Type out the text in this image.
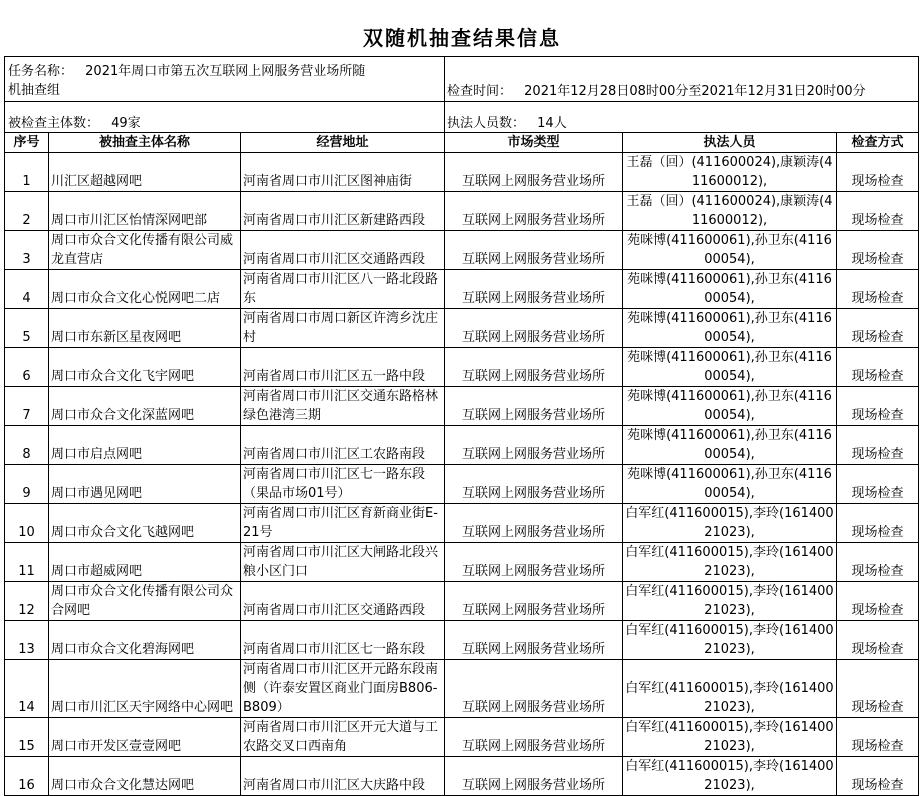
双随机抽查结果信息
任务名称： 2021年周口市第五次互联网上网服务营业场所随
机抽查组	检查时间： 2021年12月28日08时00分至2021年12月31日20时00分
被检查主体数： 49家	执法人员数： 14人
序号	被抽查主体名称	经营地址	市场类型	执法人员	检查方式
1	川汇区超越网吧	河南省周口市川汇区图神庙街	互联网上网服务营业场所	王磊（回）(411600024),康颖涛(411600012),	现场检查
2	周口市川汇区怡情深网吧部	河南省周口市川汇区新建路西段	互联网上网服务营业场所	王磊（回）(411600024),康颖涛(411600012),	现场检查
3	周口市众合文化传播有限公司威龙直营店	河南省周口市川汇区交通路西段	互联网上网服务营业场所	苑咪博(411600061),孙卫东(411600054),	现场检查
4	周口市众合文化心悦网吧二店	河南省周口市川汇区八一路北段路东	互联网上网服务营业场所	苑咪博(411600061),孙卫东(411600054),	现场检查
5	周口市东新区星夜网吧	河南省周口市周口新区许湾乡沈庄村	互联网上网服务营业场所	苑咪博(411600061),孙卫东(411600054),	现场检查
6	周口市众合文化飞宇网吧	河南省周口市川汇区五一路中段	互联网上网服务营业场所	苑咪博(411600061),孙卫东(411600054),	现场检查
7	周口市众合文化深蓝网吧	河南省周口市川汇区交通东路格林绿色港湾三期	互联网上网服务营业场所	苑咪博(411600061),孙卫东(411600054),	现场检查
8	周口市启点网吧	河南省周口市川汇区工农路南段	互联网上网服务营业场所	苑咪博(411600061),孙卫东(411600054),	现场检查
9	周口市遇见网吧	河南省周口市川汇区七一路东段（果品市场01号）	互联网上网服务营业场所	苑咪博(411600061),孙卫东(411600054),	现场检查
10	周口市众合文化飞越网吧	河南省周口市川汇区育新商业街E-21号	互联网上网服务营业场所	白军红(411600015),李玲(16140021023),	现场检查
11	周口市超威网吧	河南省周口市川汇区大闸路北段兴粮小区门口	互联网上网服务营业场所	白军红(411600015),李玲(16140021023),	现场检查
12	周口市众合文化传播有限公司众合网吧	河南省周口市川汇区交通路西段	互联网上网服务营业场所	白军红(411600015),李玲(16140021023),	现场检查
13	周口市众合文化碧海网吧	河南省周口市川汇区七一路东段	互联网上网服务营业场所	白军红(411600015),李玲(16140021023),	现场检查
14	周口市川汇区天宇网络中心网吧	河南省周口市川汇区开元路东段南侧（许泰安置区商业门面房B806-B809）	互联网上网服务营业场所	白军红(411600015),李玲(16140021023),	现场检查
15	周口市开发区壹壹网吧	河南省周口市川汇区开元大道与工农路交叉口西南角	互联网上网服务营业场所	白军红(411600015),李玲(16140021023),	现场检查
16	周口市众合文化慧达网吧	河南省周口市川汇区大庆路中段	互联网上网服务营业场所	白军红(411600015),李玲(16140021023),	现场检查
